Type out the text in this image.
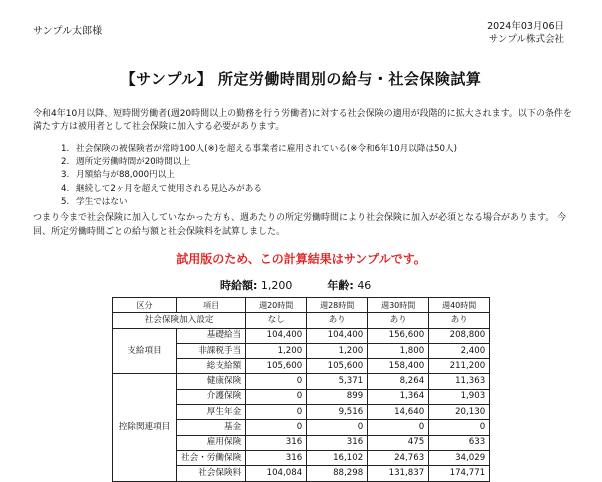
サンプル太郎様	2024年03月06日
サンプル株式会社
【サンプル】 所定労働時間別の給与・社会保険試算
令和4年10月以降、短時間労働者(週20時間以上の勤務を行う労働者)に対する社会保険の適用が段階的に拡大されます。以下の条件を満たす方は被用者として社会保険に加入する必要があります。
1. 社会保険の被保険者が常時100人(※)を超える事業者に雇用されている(※令和6年10月以降は50人)
2. 週所定労働時間が20時間以上
3. 月額給与が88,000円以上
4. 継続して2ヶ月を超えて使用される見込みがある
5. 学生ではない
つまり今まで社会保険に加入していなかった方も、週あたりの所定労働時間により社会保険に加入が必須となる場合があります。 今回、所定労働時間ごとの給与額と社会保険料を試算しました。
試用版のため、この計算結果はサンプルです。
時給額: 1,200	年齢: 46
区分	項目	週20時間	週28時間	週30時間	週40時間
社会保険加入設定		なし	あり	あり	あり
支給項目	基礎給当	104,400	104,400	156,600	208,800
	非課税手当	1,200	1,200	1,800	2,400
	総支給額	105,600	105,600	158,400	211,200
控除関連項目	健康保険	0	5,371	8,264	11,363
	介護保険	0	899	1,364	1,903
	厚生年金	0	9,516	14,640	20,130
	基金	0	0	0	0
	雇用保険	316	316	475	633
	社会・労働保険	316	16,102	24,763	34,029
	社会保険料	104,084	88,298	131,837	174,771
